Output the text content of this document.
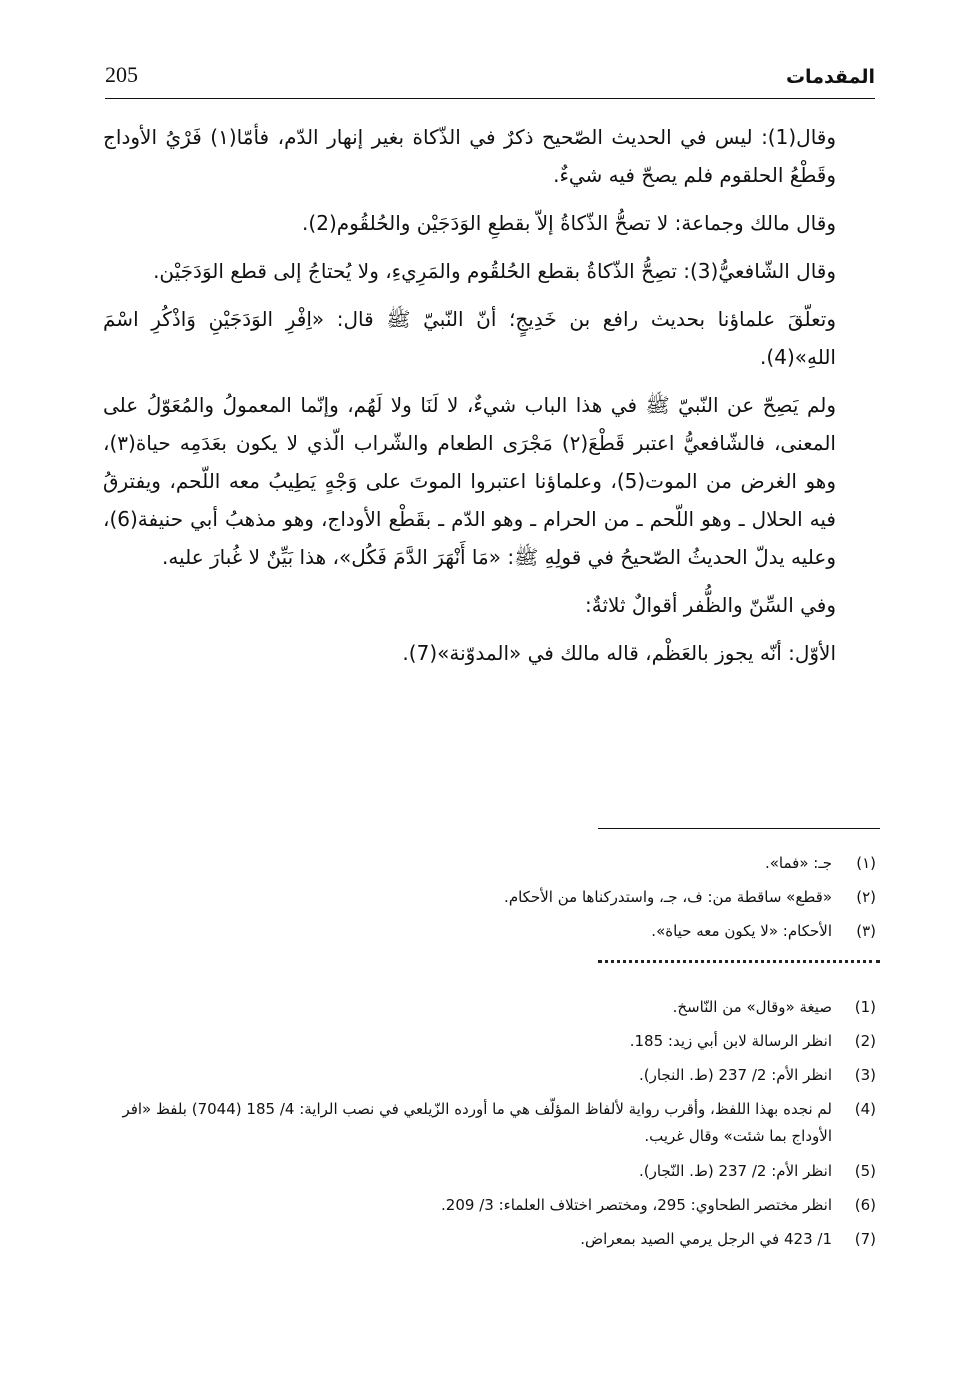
205	المقدمات

وقال(1): ليس في الحديث الصّحيح ذكرٌ في الذّكاة بغير إنهار الدّم، فأمّا(١) فَرْيُ الأوداج وقَطْعُ الحلقوم فلم يصحّ فيه شيءٌ.

وقال مالك وجماعة: لا تصحُّ الذّكاةُ إلاّ بقطعِ الوَدَجَيْن والحُلقُوم(2).

وقال الشّافعيُّ(3): تصِحُّ الذّكاةُ بقطع الحُلقُوم والمَرِيءِ، ولا يُحتاجُ إلى قطع الوَدَجَيْن.

وتعلّقَ علماؤنا بحديث رافع بن خَدِيجٍ؛ أنّ النّبيّ ﷺ قال: «اِفْرِ الوَدَجَيْنِ وَاذْكُرِ اسْمَ اللهِ»(4).

ولم يَصِحّ عن النّبيّ ﷺ في هذا الباب شيءٌ، لا لَنَا ولا لَهُم، وإنّما المعمولُ والمُعَوّلُ على المعنى، فالشّافعيُّ اعتبر قَطْعَ(٢) مَجْرَى الطعام والشّراب الّذي لا يكون بعَدَمِه حياة(٣)، وهو الغرض من الموت(5)، وعلماؤنا اعتبروا الموتَ على وَجْهٍ يَطِيبُ معه اللّحم، ويفترقُ فيه الحلال ـ وهو اللّحم ـ من الحرام ـ وهو الدّم ـ بقَطْع الأوداج، وهو مذهبُ أبي حنيفة(6)، وعليه يدلّ الحديثُ الصّحيحُ في قولِهِ ﷺ: «مَا أَنْهَرَ الدَّمَ فَكُل»، هذا بَيِّنٌ لا غُبارَ عليه.

وفي السِّنّ والظُّفر أقوالٌ ثلاثةٌ:

الأوّل: أنّه يجوز بالعَظْم، قاله مالك في «المدوّنة»(7).

(١)
جـ: «فما».
(٢)
«قطع» ساقطة من: ف، جـ، واستدركناها من الأحكام.
(٣)
الأحكام: «لا يكون معه حياة».
(1)
صيغة «وقال» من النّاسخ.
(2)
انظر الرسالة لابن أبي زيد: 185.
(3)
انظر الأم: 2/ 237 (ط. النجار).
(4)
لم نجده بهذا اللفظ، وأقرب رواية لألفاظ المؤلّف هي ما أورده الزّيلعي في نصب الراية: 4/ 185 (7044) بلفظ «افر الأوداج بما شئت» وقال غريب.
(5)
انظر الأم: 2/ 237 (ط. النّجار).
(6)
انظر مختصر الطحاوي: 295، ومختصر اختلاف العلماء: 3/ 209.
(7)
1/ 423 في الرجل يرمي الصيد بمعراض.
